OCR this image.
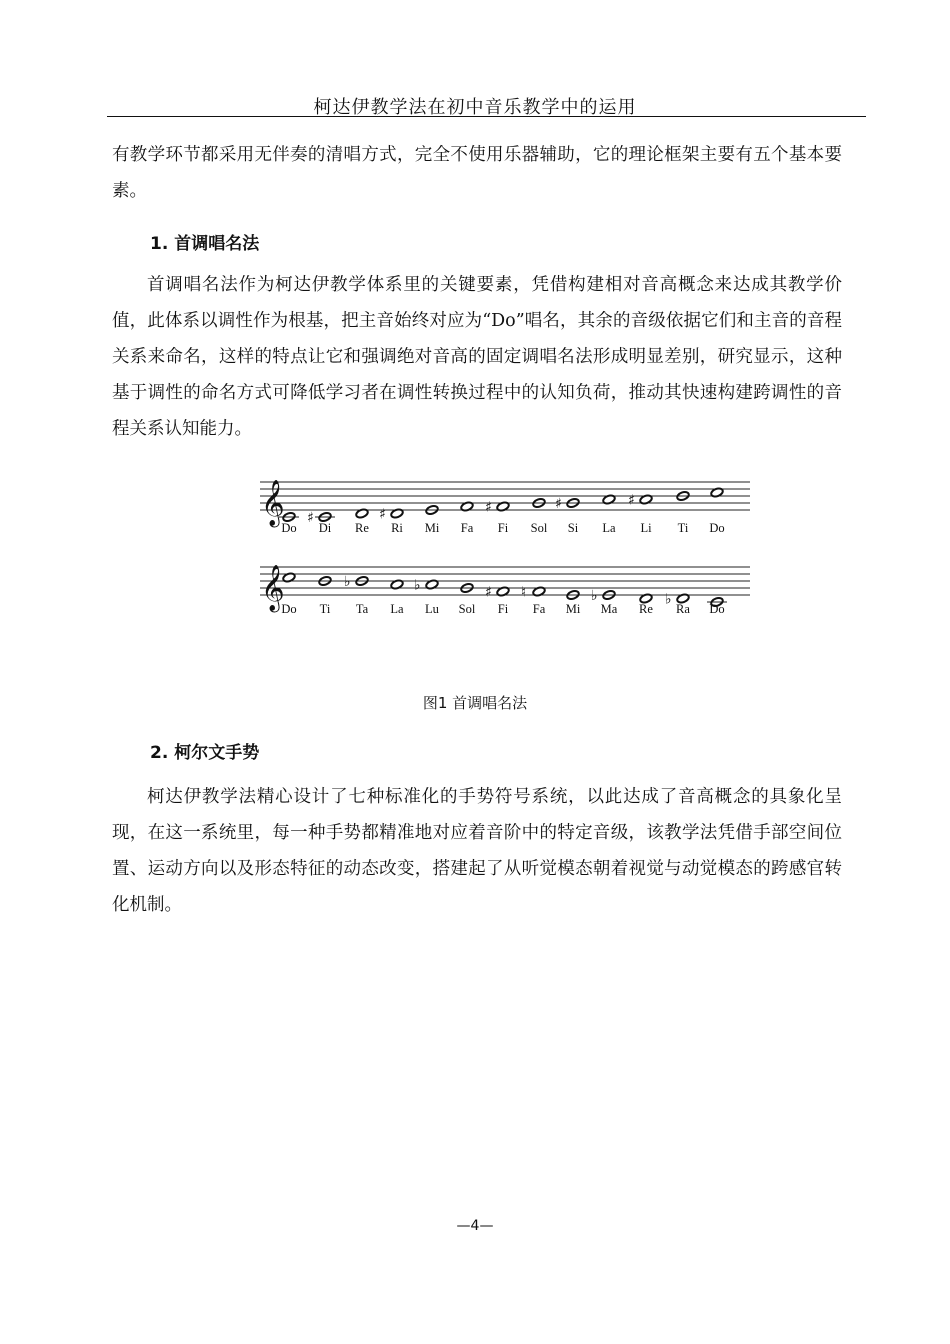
柯达伊教学法在初中音乐教学中的运用

有教学环节都采用无伴奏的清唱方式，完全不使用乐器辅助，它的理论框架主要有五个基本要素。

1. 首调唱名法

首调唱名法作为柯达伊教学体系里的关键要素，凭借构建相对音高概念来达成其教学价值，此体系以调性作为根基，把主音始终对应为“Do”唱名，其余的音级依据它们和主音的音程关系来命名，这样的特点让它和强调绝对音高的固定调唱名法形成明显差别，研究显示，这种基于调性的命名方式可降低学习者在调性转换过程中的认知负荷，推动其快速构建跨调性的音程关系认知能力。

𝄞
Do
♯
Di Re
♯
Ri Mi Fa
♯
Fi Sol
♯
Si La
♯
Li Ti Do
𝄞
Do Ti
♭
Ta La
♭
Lu Sol
♯
Fi
♮
Fa Mi
♭
Ma Re
♭
Ra Do
图1 首调唱名法

2. 柯尔文手势

柯达伊教学法精心设计了七种标准化的手势符号系统，以此达成了音高概念的具象化呈现，在这一系统里，每一种手势都精准地对应着音阶中的特定音级，该教学法凭借手部空间位置、运动方向以及形态特征的动态改变，搭建起了从听觉模态朝着视觉与动觉模态的跨感官转化机制。

—4—
